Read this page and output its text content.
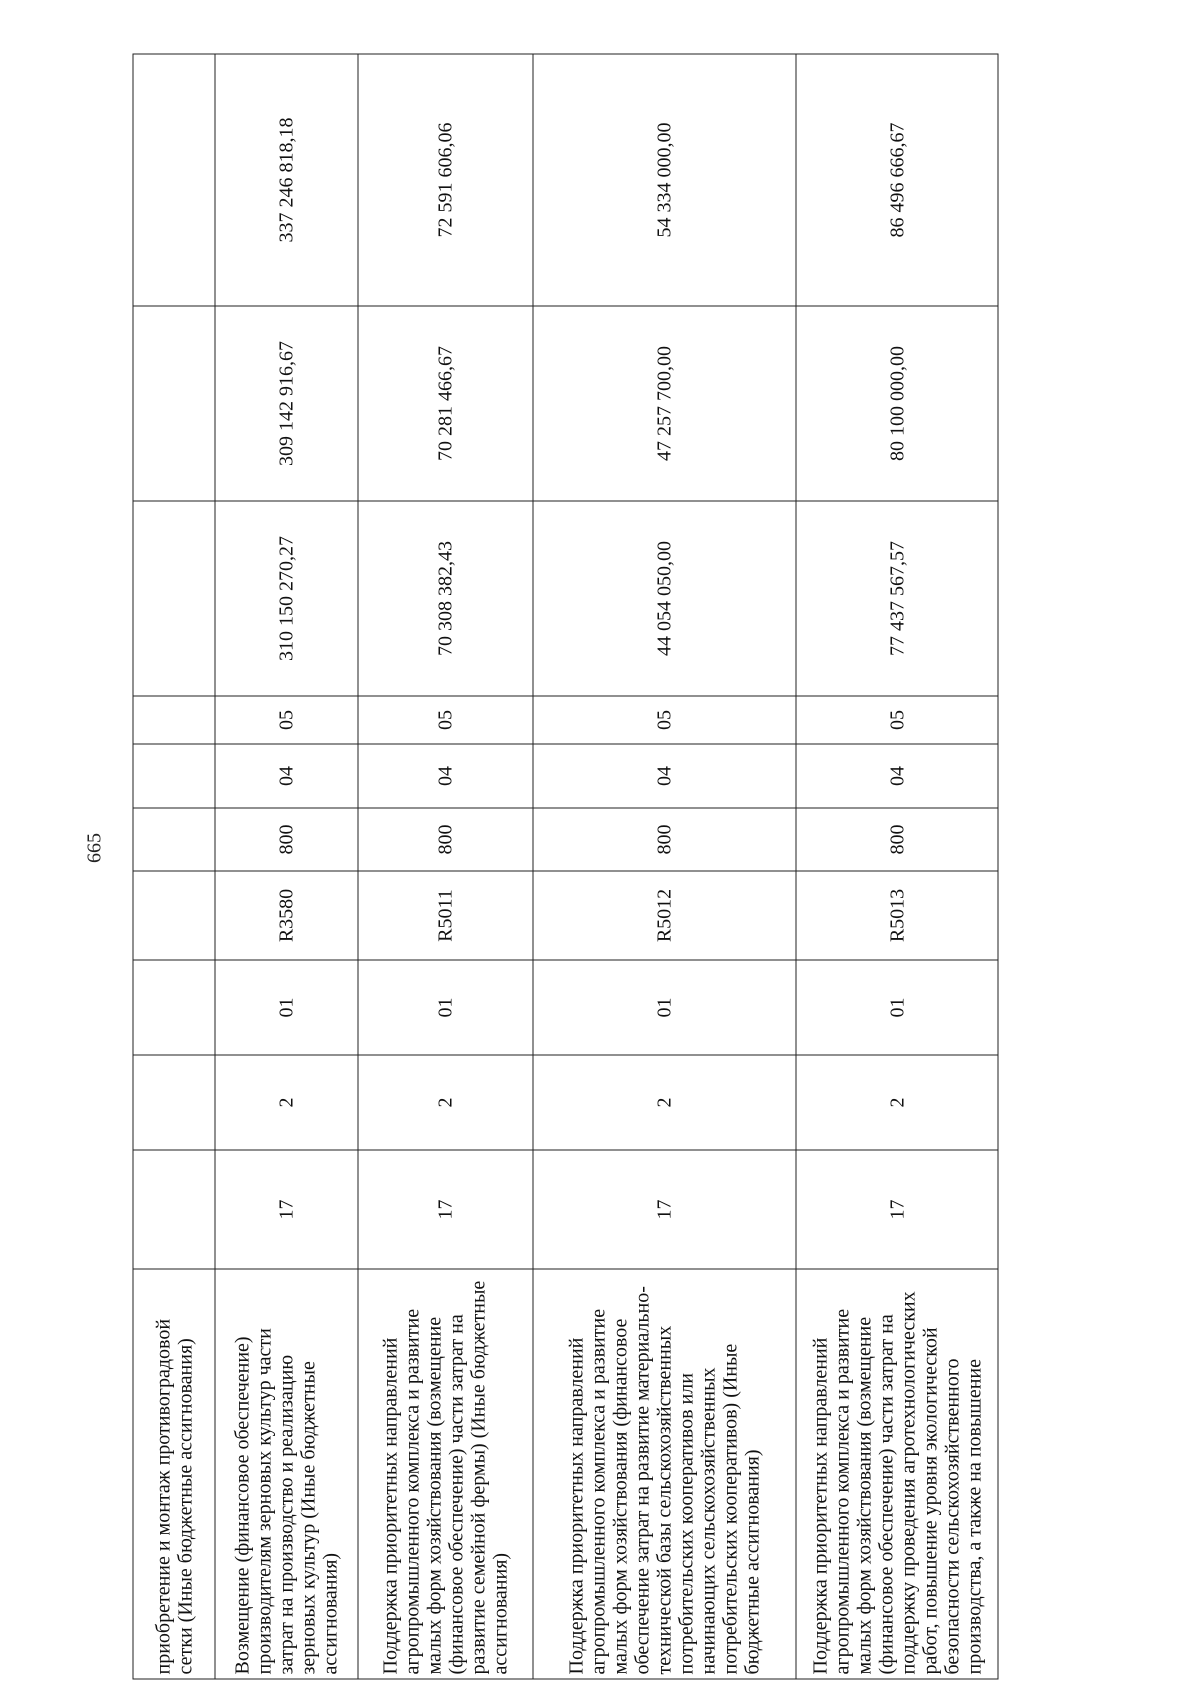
665
приобретение и монтаж противоградовой сетки (Иные бюджетные ассигнования)										
Возмещение (финансовое обеспечение) производителям зерновых культур части затрат на производство и реализацию зерновых культур (Иные бюджетные ассигнования)	17	2	01	R3580	800	04	05	310 150 270,27	309 142 916,67	337 246 818,18
Поддержка приоритетных направлений агропромышленного комплекса и развитие малых форм хозяйствования (возмещение (финансовое обеспечение) части затрат на развитие семейной фермы) (Иные бюджетные ассигнования)	17	2	01	R5011	800	04	05	70 308 382,43	70 281 466,67	72 591 606,06
Поддержка приоритетных направлений агропромышленного комплекса и развитие малых форм хозяйствования (финансовое обеспечение затрат на развитие материально-технической базы сельскохозяйственных потребительских кооперативов или начинающих сельскохозяйственных потребительских кооперативов) (Иные бюджетные ассигнования)	17	2	01	R5012	800	04	05	44 054 050,00	47 257 700,00	54 334 000,00
Поддержка приоритетных направлений агропромышленного комплекса и развитие малых форм хозяйствования (возмещение (финансовое обеспечение) части затрат на поддержку проведения агротехнологических работ, повышение уровня экологической безопасности сельскохозяйственного производства, а также на повышение	17	2	01	R5013	800	04	05	77 437 567,57	80 100 000,00	86 496 666,67
